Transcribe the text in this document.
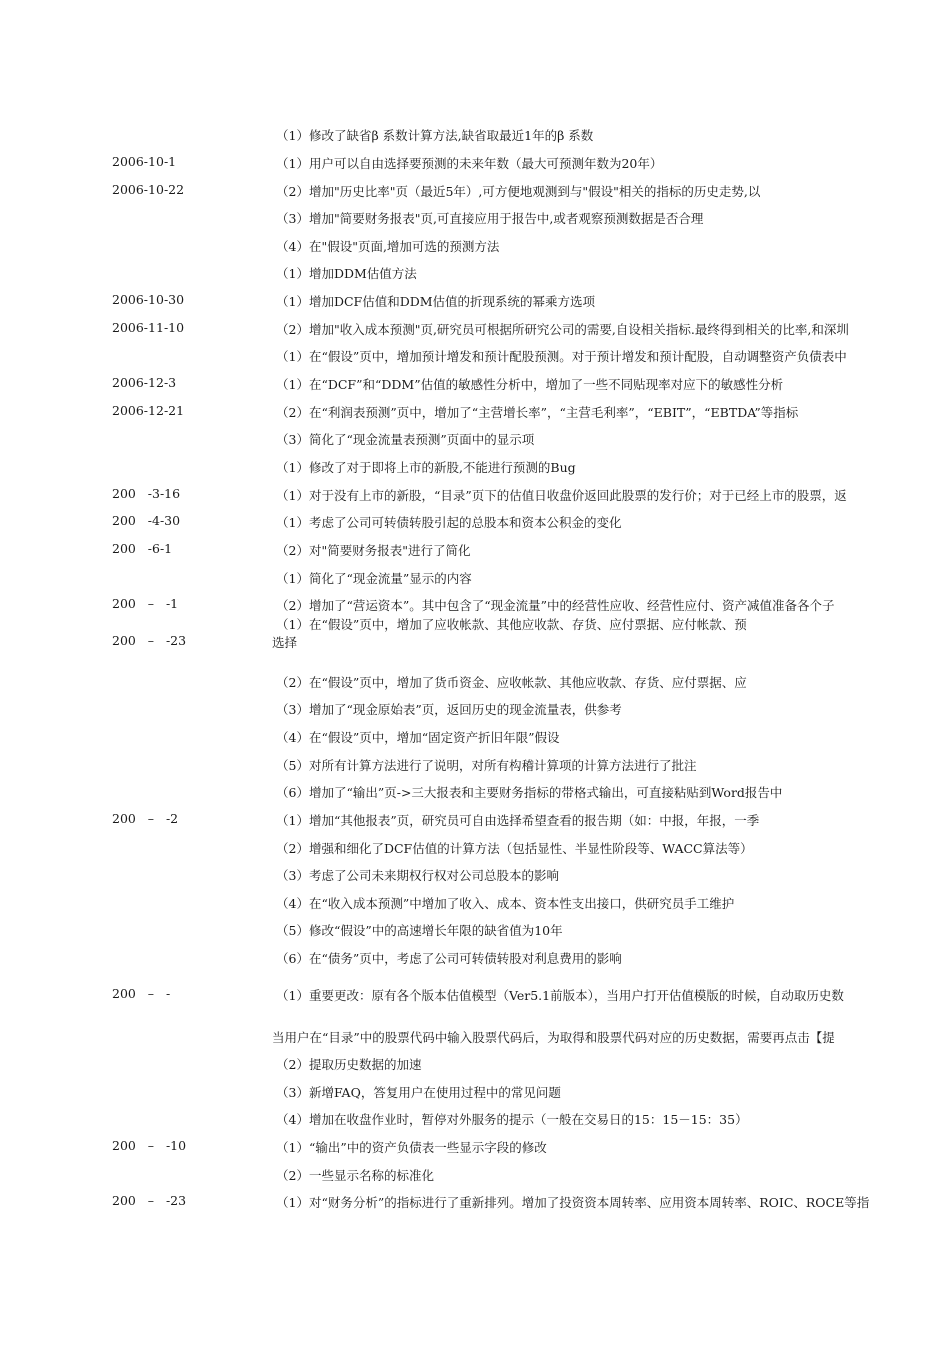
（1）修改了缺省β 系数计算方法,缺省取最近1年的β 系数
2006-10-1	（1）用户可以自由选择要预测的未来年数（最大可预测年数为20年）
2006-10-22	（2）增加"历史比率"页（最近5年）,可方便地观测到与"假设"相关的指标的历史走势,以
（3）增加"简要财务报表"页,可直接应用于报告中,或者观察预测数据是否合理
（4）在"假设"页面,增加可选的预测方法
（1）增加DDM估值方法
2006-10-30	（1）增加DCF估值和DDM估值的折现系统的幂乘方选项
2006-11-10	（2）增加"收入成本预测"页,研究员可根据所研究公司的需要,自设相关指标.最终得到相关的比率,和深圳
（1）在“假设”页中，增加预计增发和预计配股预测。对于预计增发和预计配股，自动调整资产负债表中
2006-12-3	（1）在“DCF”和“DDM”估值的敏感性分析中，增加了一些不同贴现率对应下的敏感性分析
2006-12-21	（2）在“利润表预测”页中，增加了“主营增长率”，“主营毛利率”，“EBIT”，“EBTDA”等指标
（3）简化了“现金流量表预测”页面中的显示项
（1）修改了对于即将上市的新股,不能进行预测的Bug
200   -3-16	（1）对于没有上市的新股，“目录”页下的估值日收盘价返回此股票的发行价；对于已经上市的股票，返
200   -4-30	（1）考虑了公司可转债转股引起的总股本和资本公积金的变化
200   -6-1	（2）对"简要财务报表"进行了简化
（1）简化了“现金流量”显示的内容
200   –   -1	（2）增加了“营运资本”。其中包含了“现金流量”中的经营性应收、经营性应付、资产减值准备各个子
（1）在“假设”页中，增加了应收帐款、其他应收款、存货、应付票据、应付帐款、预
200   –   -23	选择
（2）在“假设”页中，增加了货币资金、应收帐款、其他应收款、存货、应付票据、应
（3）增加了“现金原始表”页，返回历史的现金流量表，供参考
（4）在“假设”页中，增加“固定资产折旧年限”假设
（5）对所有计算方法进行了说明，对所有构稽计算项的计算方法进行了批注
（6）增加了“输出”页->三大报表和主要财务指标的带格式输出，可直接粘贴到Word报告中
200   –   -2	（1）增加“其他报表”页，研究员可自由选择希望查看的报告期（如：中报，年报，一季
（2）增强和细化了DCF估值的计算方法（包括显性、半显性阶段等、WACC算法等）
（3）考虑了公司未来期权行权对公司总股本的影响
（4）在“收入成本预测”中增加了收入、成本、资本性支出接口，供研究员手工维护
（5）修改“假设”中的高速增长年限的缺省值为10年
（6）在“债务”页中，考虑了公司可转债转股对利息费用的影响
200   –   -	（1）重要更改：原有各个版本估值模型（Ver5.1前版本），当用户打开估值模版的时候，自动取历史数
当用户在“目录”中的股票代码中输入股票代码后，为取得和股票代码对应的历史数据，需要再点击【提
（2）提取历史数据的加速
（3）新增FAQ，答复用户在使用过程中的常见问题
（4）增加在收盘作业时，暂停对外服务的提示（一般在交易日的15：15－15：35）
200   –   -10	（1）“输出”中的资产负债表一些显示字段的修改
（2）一些显示名称的标准化
200   –   -23	（1）对“财务分析”的指标进行了重新排列。增加了投资资本周转率、应用资本周转率、ROIC、ROCE等指
